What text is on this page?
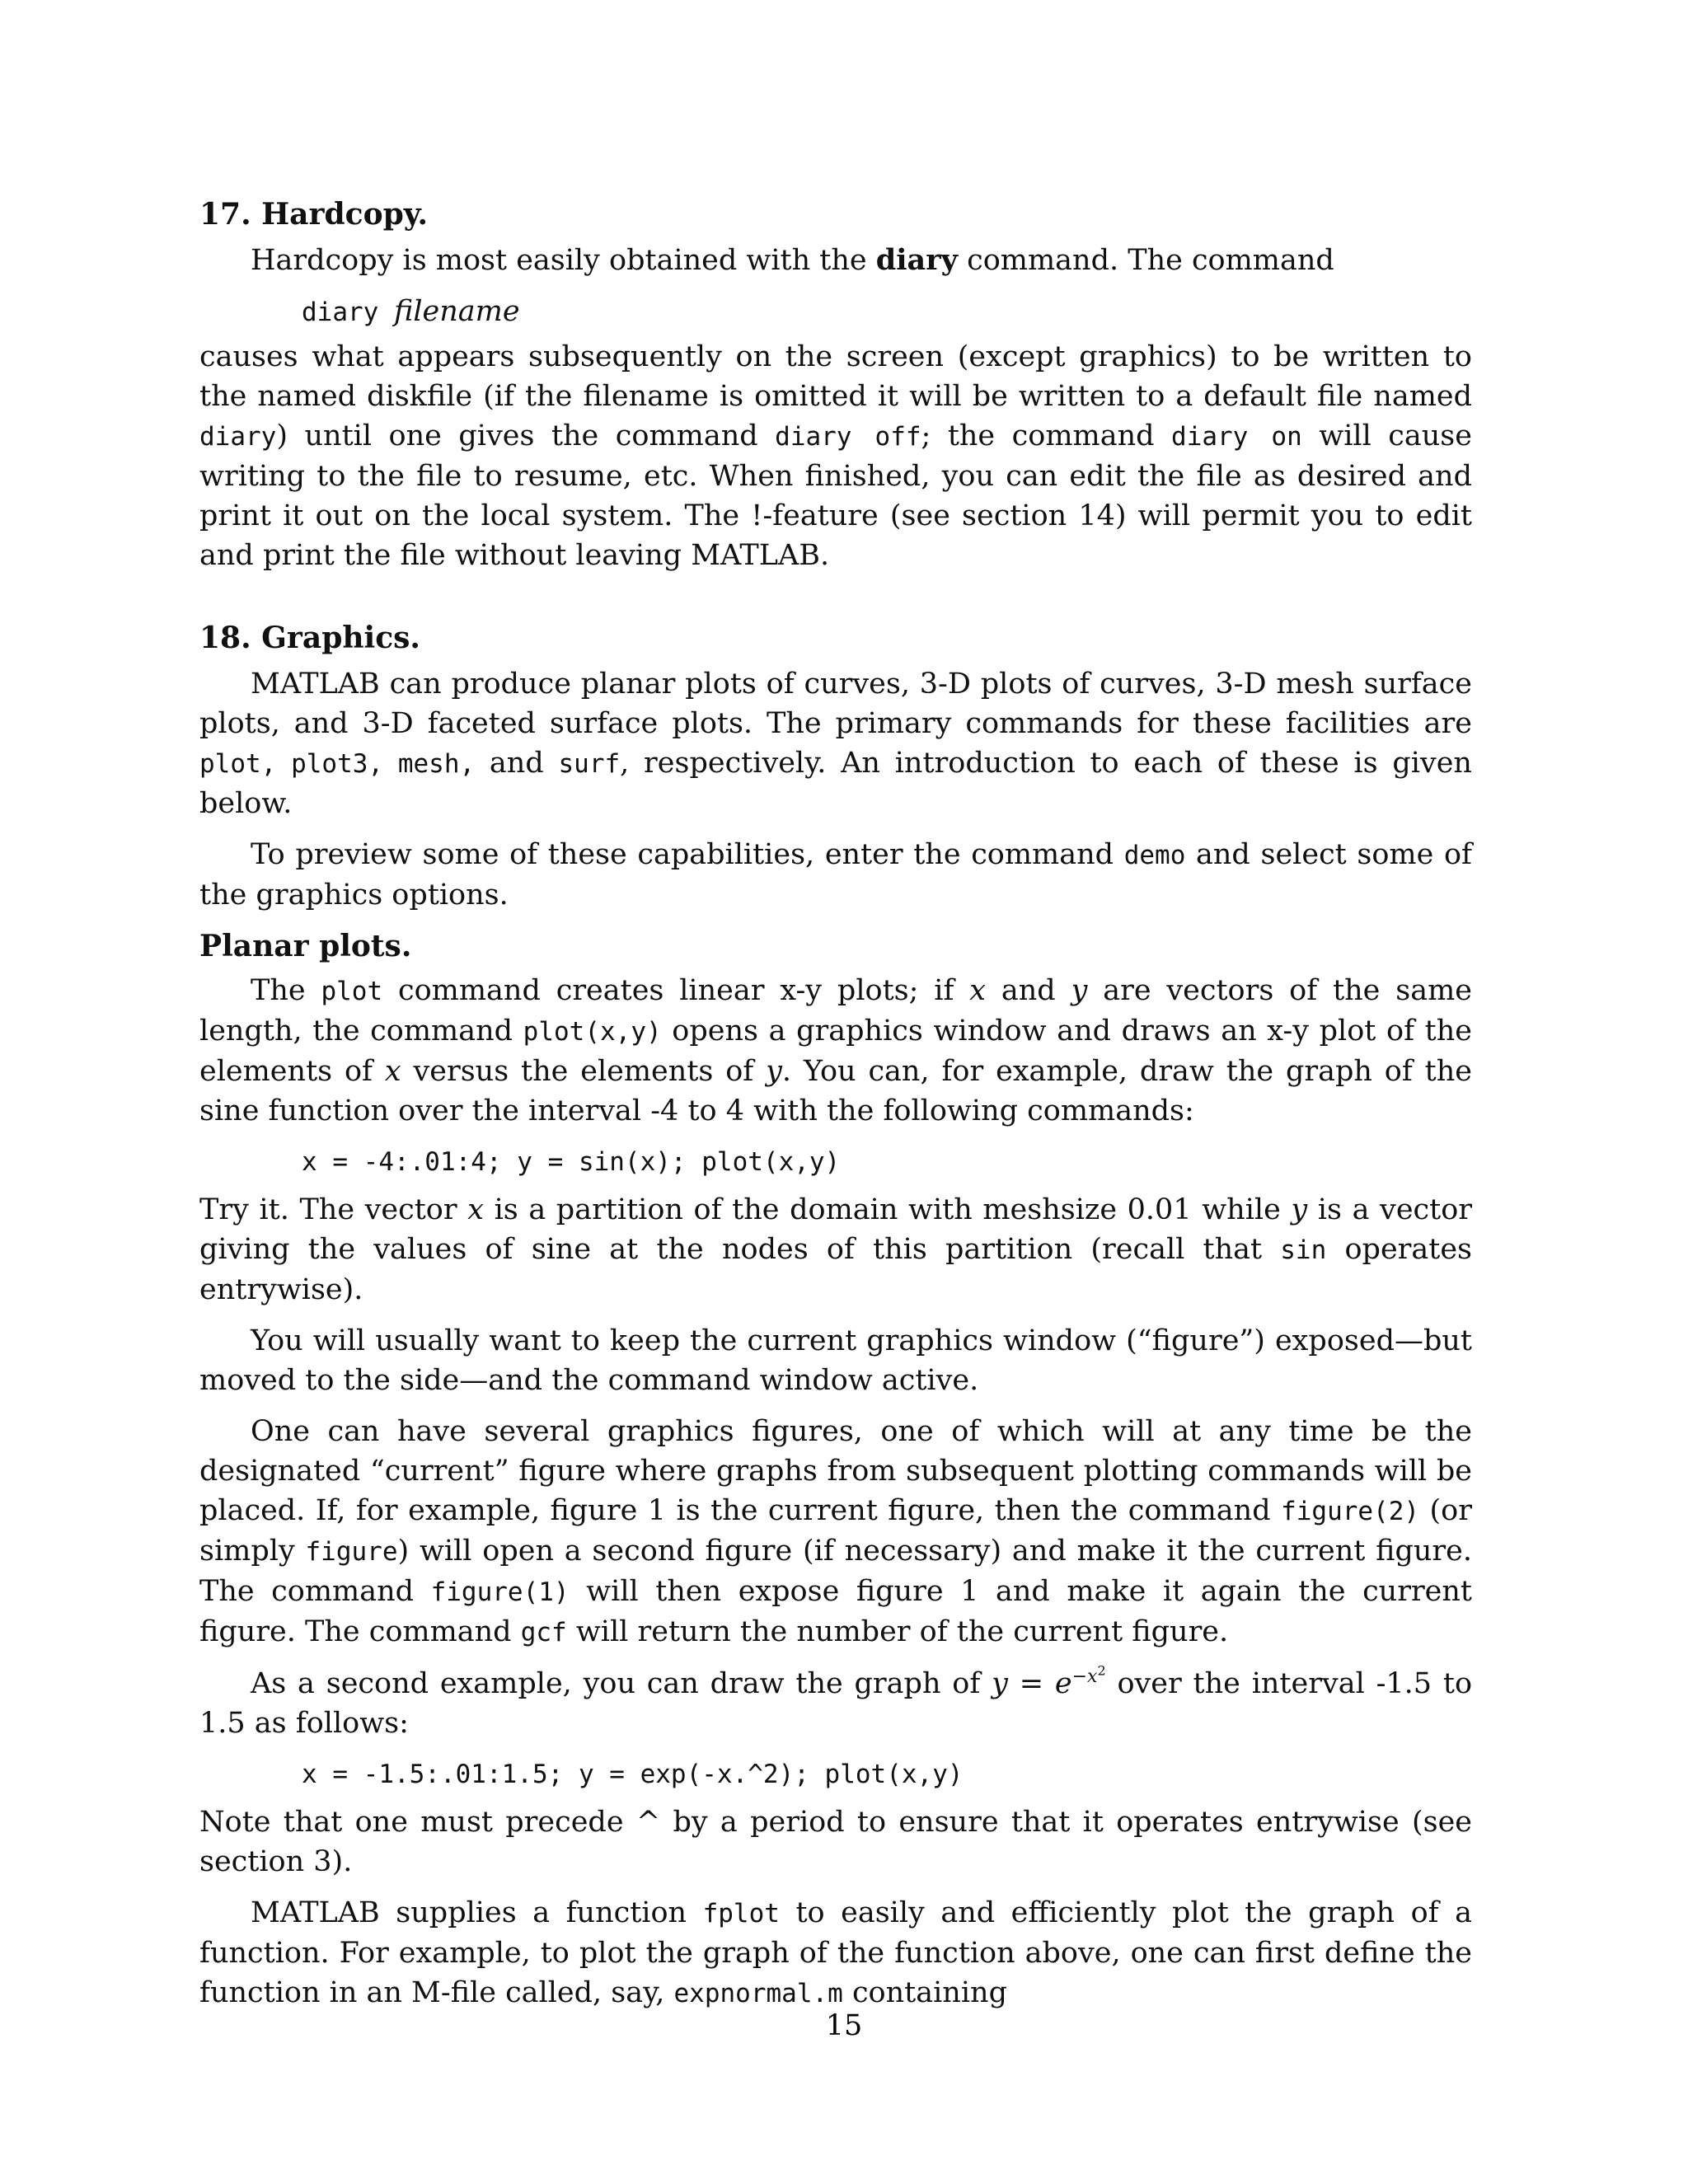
17. Hardcopy.

Hardcopy is most easily obtained with the diary command. The command

diary filename

causes what appears subsequently on the screen (except graphics) to be written to the named diskfile (if the filename is omitted it will be written to a default file named diary) until one gives the command diary off; the command diary on will cause writing to the file to resume, etc. When finished, you can edit the file as desired and print it out on the local system. The !-feature (see section 14) will permit you to edit and print the file without leaving MATLAB.

18. Graphics.

MATLAB can produce planar plots of curves, 3-D plots of curves, 3-D mesh surface plots, and 3-D faceted surface plots. The primary commands for these facilities are plot, plot3, mesh, and surf, respectively. An introduction to each of these is given below.

To preview some of these capabilities, enter the command demo and select some of the graphics options.

Planar plots.

The plot command creates linear x-y plots; if x and y are vectors of the same length, the command plot(x,y) opens a graphics window and draws an x-y plot of the elements of x versus the elements of y. You can, for example, draw the graph of the sine function over the interval -4 to 4 with the following commands:

x = -4:.01:4; y = sin(x); plot(x,y)

Try it. The vector x is a partition of the domain with meshsize 0.01 while y is a vector giving the values of sine at the nodes of this partition (recall that sin operates entrywise).

You will usually want to keep the current graphics window (“figure”) exposed—but moved to the side—and the command window active.

One can have several graphics figures, one of which will at any time be the designated “current” figure where graphs from subsequent plotting commands will be placed. If, for example, figure 1 is the current figure, then the command figure(2) (or simply figure) will open a second figure (if necessary) and make it the current figure. The command figure(1) will then expose figure 1 and make it again the current figure. The command gcf will return the number of the current figure.

As a second example, you can draw the graph of $y = e^{-x^2}$ over the interval -1.5 to 1.5 as follows:

x = -1.5:.01:1.5; y = exp(-x.^2); plot(x,y)

Note that one must precede ^ by a period to ensure that it operates entrywise (see section 3).

MATLAB supplies a function fplot to easily and efficiently plot the graph of a function. For example, to plot the graph of the function above, one can first define the function in an M-file called, say, expnormal.m containing

15
